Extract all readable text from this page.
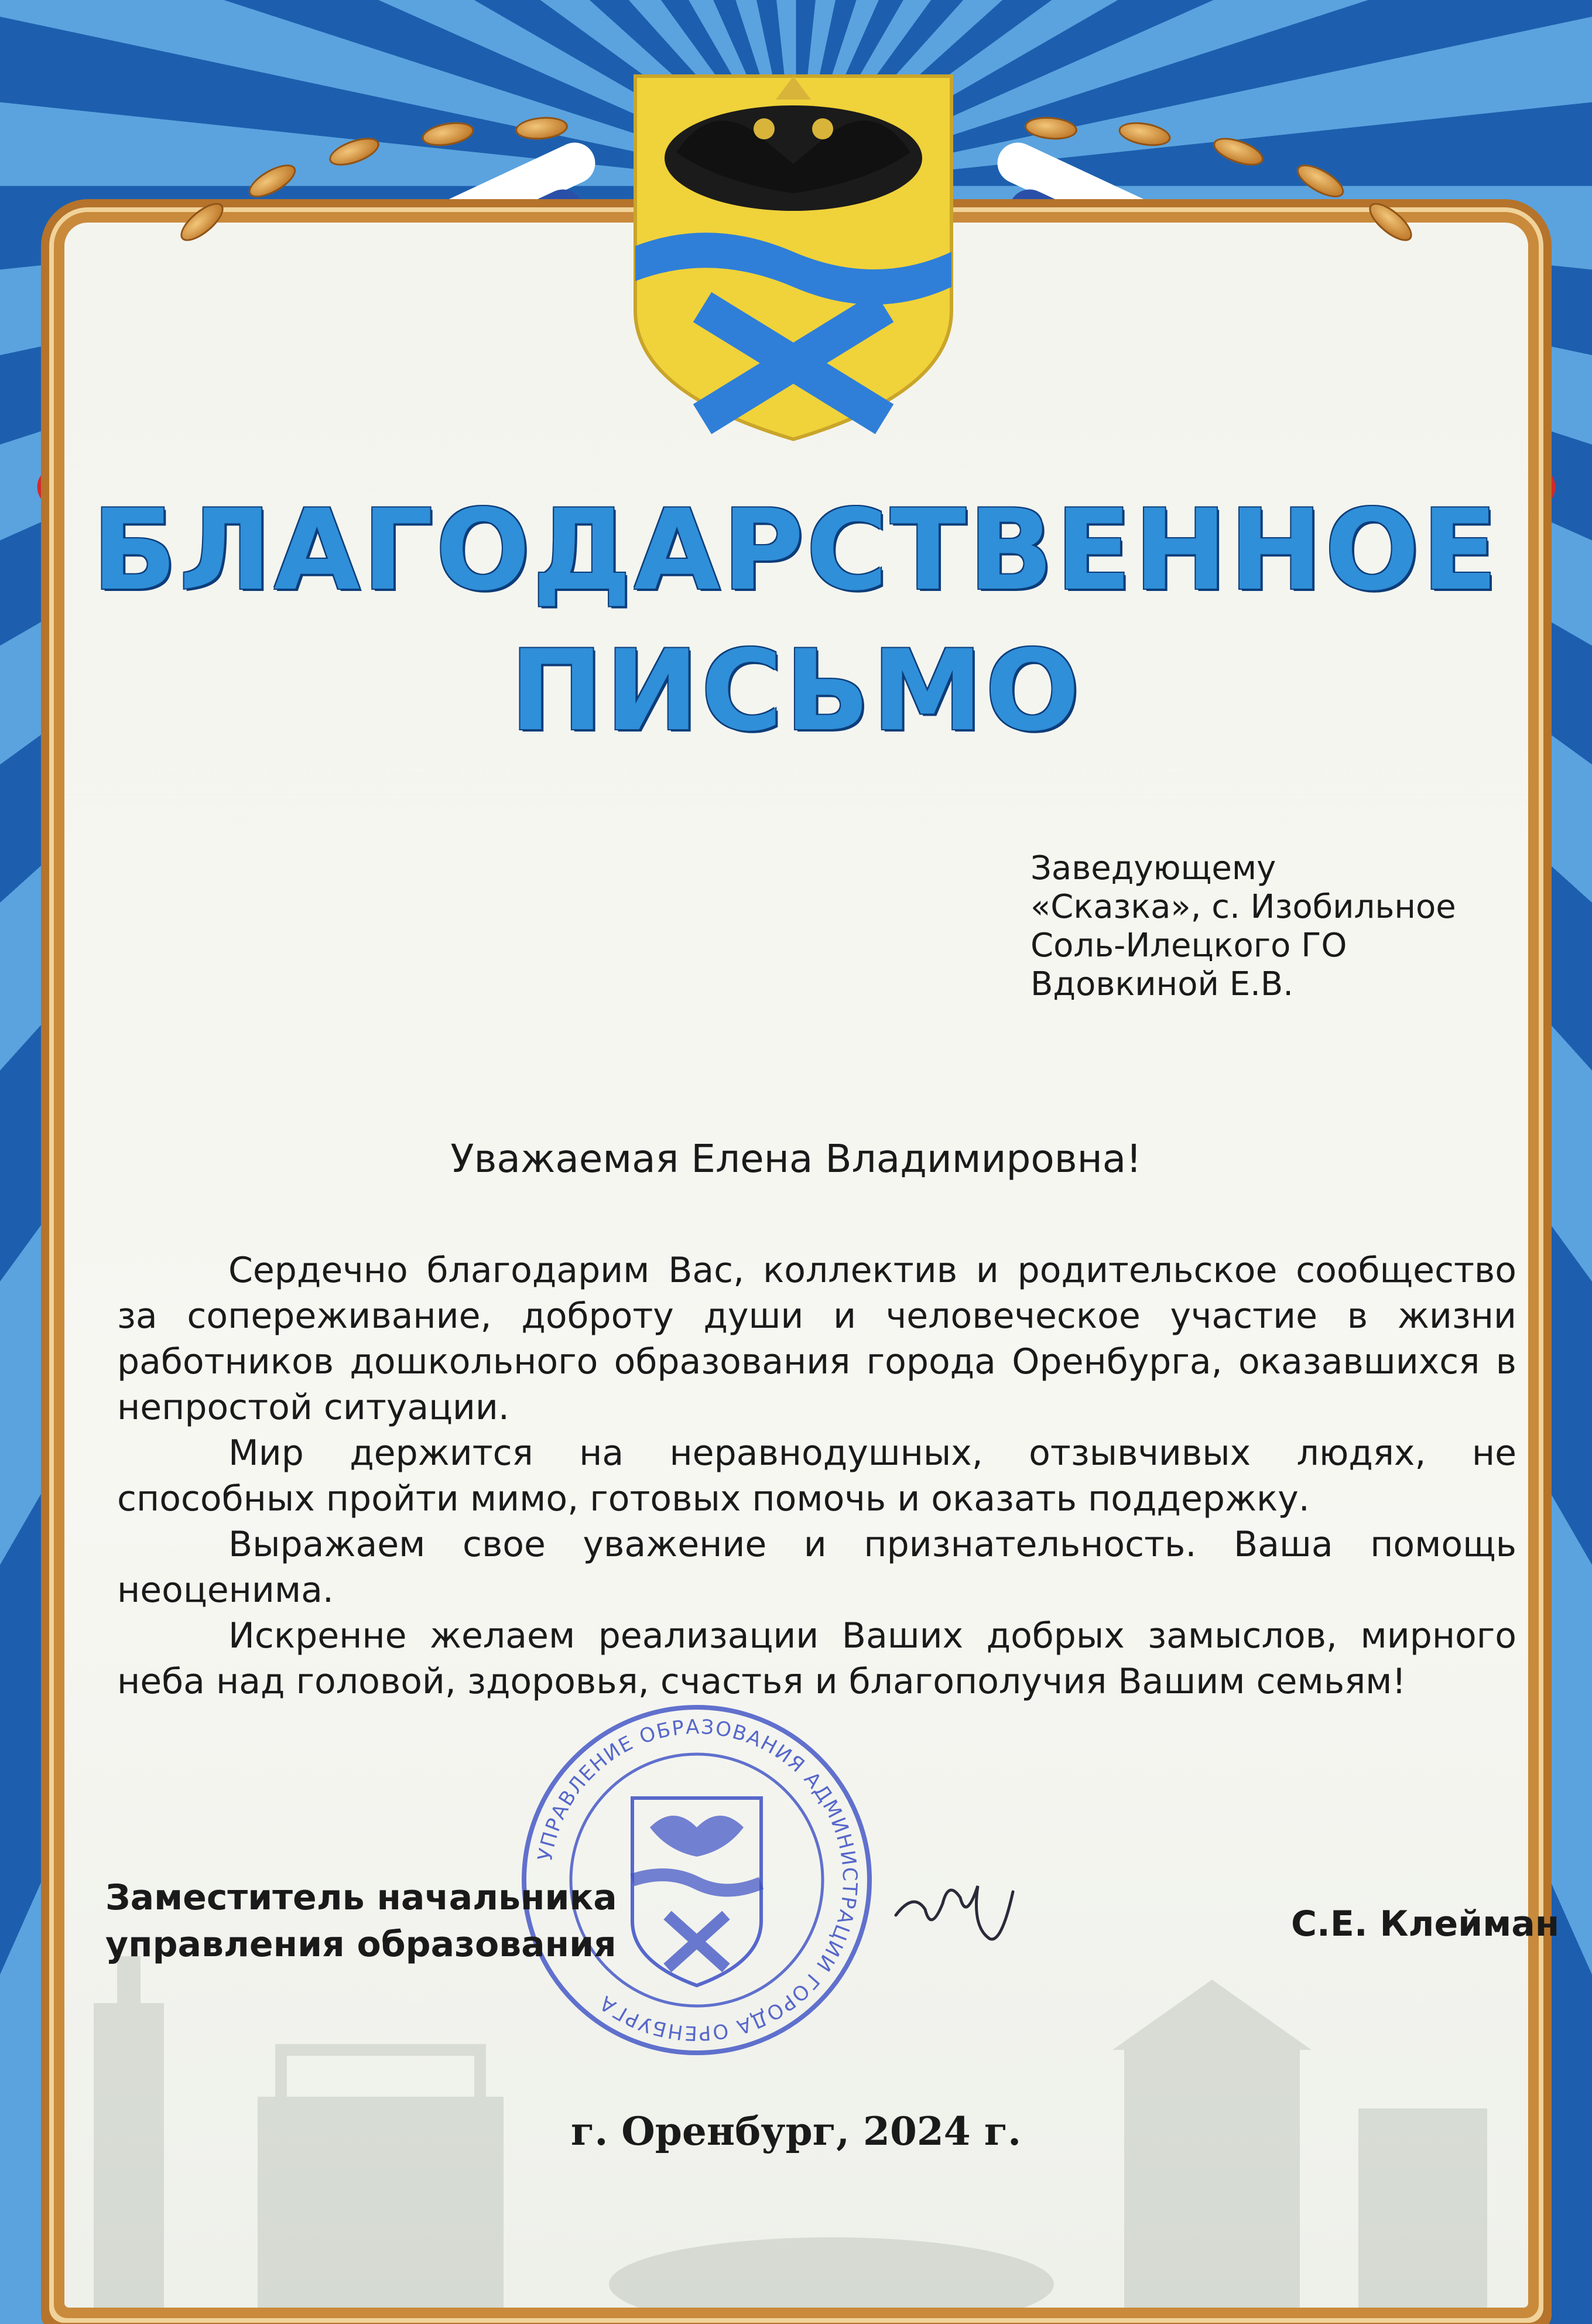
БЛАГОДАРСТВЕННОЕ
ПИСЬМО
Заведующему
«Сказка», с. Изобильное
Соль-Илецкого ГО
Вдовкиной Е.В.
Уважаемая Елена Владимировна!

Сердечно благодарим Вас, коллектив и родительское сообщество за сопереживание, доброту души и человеческое участие в жизни работников дошкольного образования города Оренбурга, оказавшихся в непростой ситуации.

Мир держится на неравнодушных, отзывчивых людях, не способных пройти мимо, готовых помочь и оказать поддержку.

Выражаем свое уважение и признательность. Ваша помощь неоценима.

Искренне желаем реализации Ваших добрых замыслов, мирного неба над головой, здоровья, счастья и благополучия Вашим семьям!

УПРАВЛЕНИЕ ОБРАЗОВАНИЯ АДМИНИСТРАЦИИ ГОРОДА ОРЕНБУРГА
Заместитель начальника
управления образования	С.Е. Клейман
г. Оренбург, 2024 г.
